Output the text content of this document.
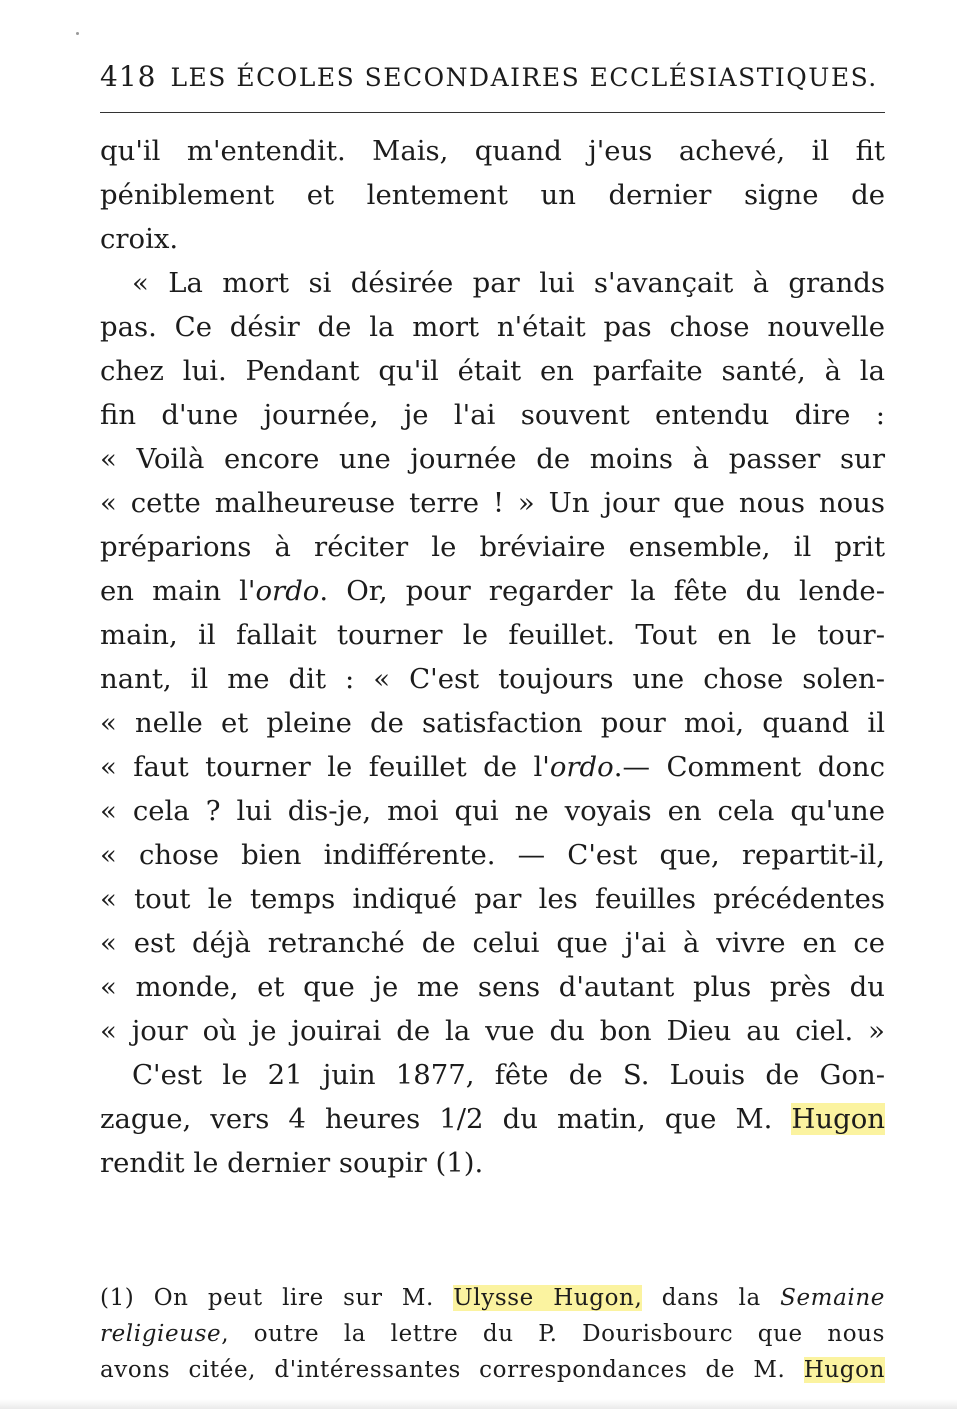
418 LES ÉCOLES SECONDAIRES ECCLÉSIASTIQUES.
qu'il m'entendit. Mais, quand j'eus achevé, il fit
péniblement et lentement un dernier signe de
croix.
« La mort si désirée par lui s'avançait à grands
pas. Ce désir de la mort n'était pas chose nouvelle
chez lui. Pendant qu'il était en parfaite santé, à la
fin d'une journée, je l'ai souvent entendu dire :
« Voilà encore une journée de moins à passer sur
« cette malheureuse terre ! » Un jour que nous nous
préparions à réciter le bréviaire ensemble, il prit
en main l'ordo. Or, pour regarder la fête du lende-
main, il fallait tourner le feuillet. Tout en le tour-
nant, il me dit : « C'est toujours une chose solen-
« nelle et pleine de satisfaction pour moi, quand il
« faut tourner le feuillet de l'ordo.— Comment donc
« cela ? lui dis-je, moi qui ne voyais en cela qu'une
« chose bien indifférente. — C'est que, repartit-il,
« tout le temps indiqué par les feuilles précédentes
« est déjà retranché de celui que j'ai à vivre en ce
« monde, et que je me sens d'autant plus près du
« jour où je jouirai de la vue du bon Dieu au ciel. »
C'est le 21 juin 1877, fête de S. Louis de Gon-
zague, vers 4 heures 1/2 du matin, que M. Hugon
rendit le dernier soupir (1).
(1) On peut lire sur M. Ulysse Hugon, dans la Semaine
religieuse, outre la lettre du P. Dourisbourc que nous
avons citée, d'intéressantes correspondances de M. Hugon
